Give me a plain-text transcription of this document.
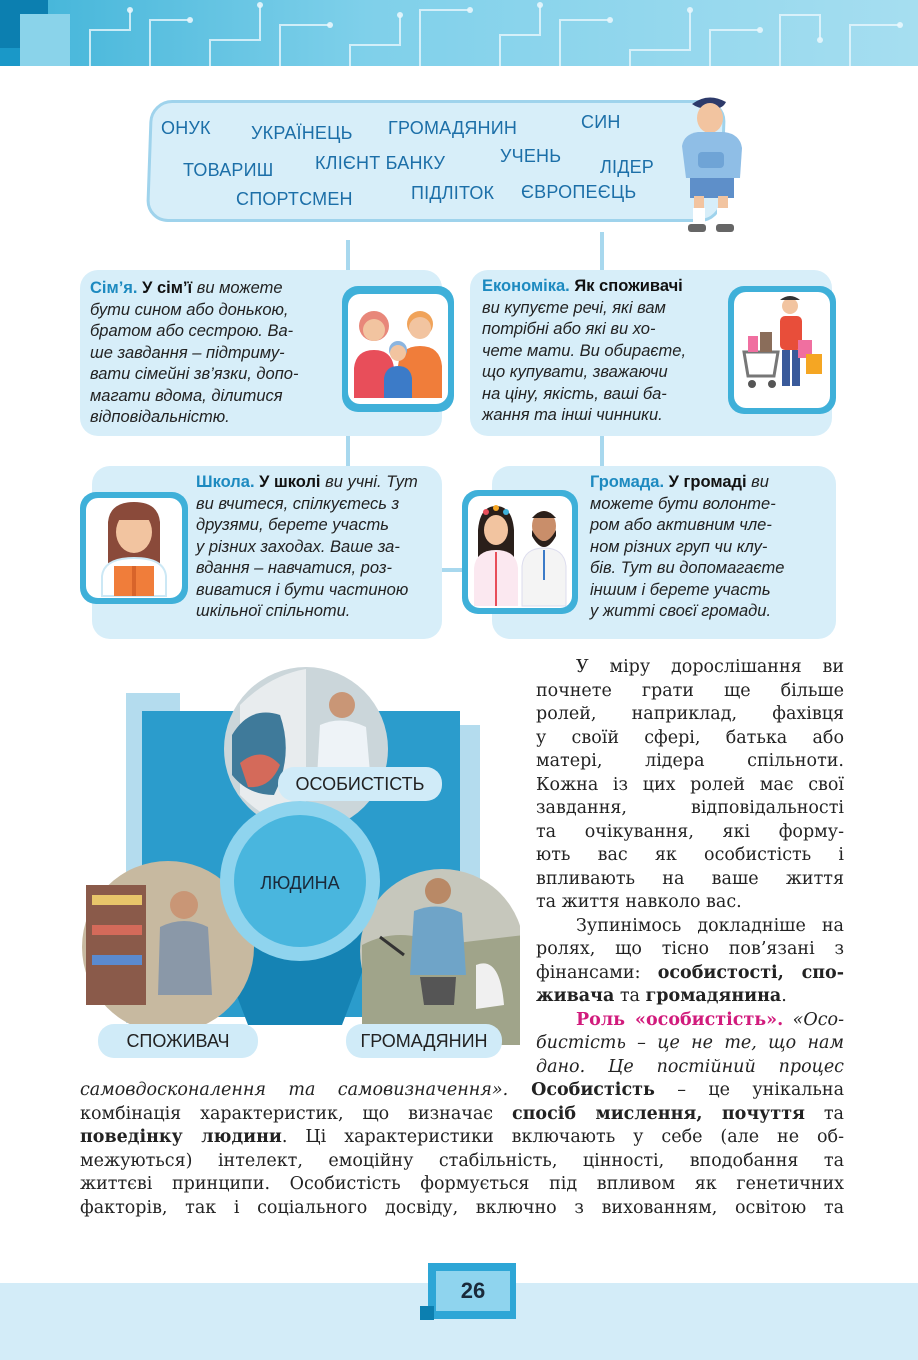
ОНУК УКРАЇНЕЦЬ ГРОМАДЯНИН	СИН
ТОВАРИШ КЛІЄНТ БАНКУ	УЧЕНЬ
ЛІДЕР
СПОРТСМЕН	ПІДЛІТОК ЄВРОПЕЄЦЬ
Сім’я. У сім’ї ви можете
бути сином або донькою,
братом або сестрою. Ва-
ше завдання – підтриму-
вати сімейні зв’язки, допо-
магати вдома, ділитися
відповідальністю.
Економіка. Як споживачі
ви купуєте речі, які вам
потрібні або які ви хо-
чете мати. Ви обираєте,
що купувати, зважаючи
на ціну, якість, ваші ба-
жання та інші чинники.
Школа. У школі ви учні. Тут
ви вчитеся, спілкуєтесь з
друзями, берете участь
у різних заходах. Ваше за-
вдання – навчатися, роз-
виватися і бути частиною
шкільної спільноти.
Громада. У громаді ви
можете бути волонте-
ром або активним чле-
ном різних груп чи клу-
бів. Тут ви допомагаєте
іншим і берете участь
у житті своєї громади.
ЛЮДИНА
ОСОБИСТІСТЬ
СПОЖИВАЧ	ГРОМАДЯНИН

У міру дорослішання ви

почнете грати ще більше

ролей, наприклад, фахівця

у своїй сфері, батька або

матері, лідера спільноти.

Кожна із цих ролей має свої

завдання, відповідальності

та очікування, які форму-

ють вас як особистість і

впливають на ваше життя

та життя навколо вас.

Зупинімось докладніше на

ролях, що тісно пов’язані з

фінансами: особистості, спо-

живача та громадянина.

Роль «особистість». «Осо-

бистість – це не те, що нам

дано. Це постійний процес

самовдосконалення та самовизначення». Особистість – це унікальна

комбінація характеристик, що визначає спосіб мислення, почуття та

поведінку людини. Ці характеристики включають у себе (але не об-

межуються) інтелект, емоційну стабільність, цінності, вподобання та

життєві принципи. Особистість формується під впливом як генетичних

факторів, так і соціального досвіду, включно з вихованням, освітою та

26
